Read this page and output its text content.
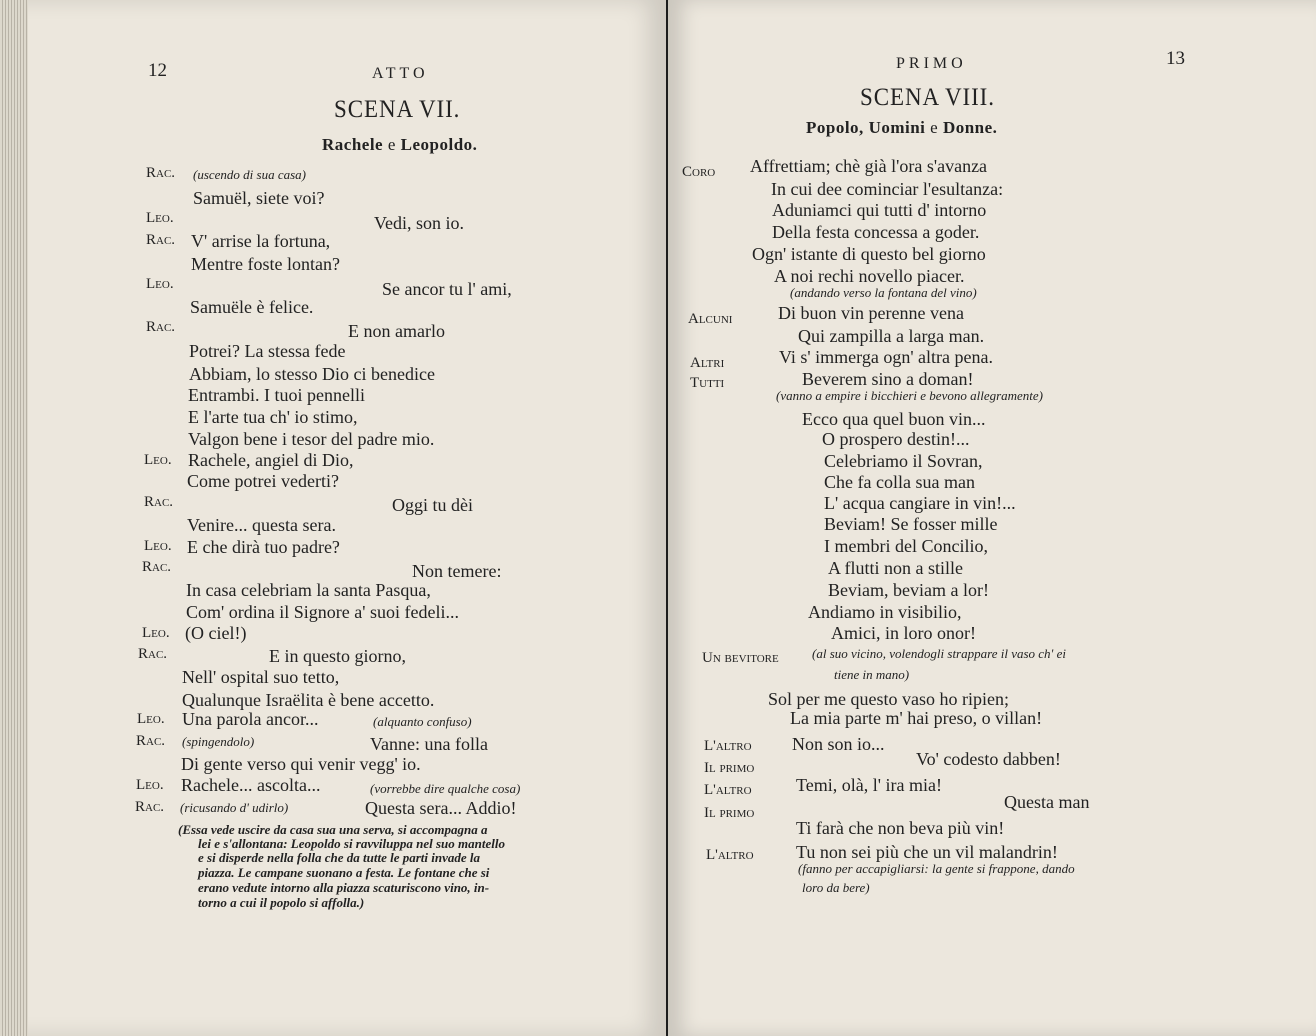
12	ATTO
SCENA VII.
Rachele e Leopoldo.
Rac. (uscendo di sua casa)
Samuël, siete voi?
Leo.	Vedi, son io.
Rac. V' arrise la fortuna,
Mentre foste lontan?
Leo.	Se ancor tu l' ami,
Samuële è felice.
Rac.	E non amarlo
Potrei? La stessa fede
Abbiam, lo stesso Dio ci benedice
Entrambi. I tuoi pennelli
E l'arte tua ch' io stimo,
Valgon bene i tesor del padre mio.
Leo. Rachele, angiel di Dio,
Come potrei vederti?
Rac.	Oggi tu dèi
Venire... questa sera.
Leo. E che dirà tuo padre?
Rac.	Non temere:
In casa celebriam la santa Pasqua,
Com' ordina il Signore a' suoi fedeli...
Leo. (O ciel!)
Rac.	E in questo giorno,
Nell' ospital suo tetto,
Qualunque Israëlita è bene accetto.
Leo. Una parola ancor...	(alquanto confuso)
Rac. (spingendolo)	Vanne: una folla
Di gente verso qui venir vegg' io.
Leo. Rachele... ascolta...	(vorrebbe dire qualche cosa)
Rac. (ricusando d' udirlo)	Questa sera... Addio!
(Essa vede uscire da casa sua una serva, si accompagna a
lei e s'allontana: Leopoldo si ravviluppa nel suo mantello
e si disperde nella folla che da tutte le parti invade la
piazza. Le campane suonano a festa. Le fontane che si
erano vedute intorno alla piazza scaturiscono vino, in-
torno a cui il popolo si affolla.)
13
PRIMO
SCENA VIII.
Popolo, Uomini e Donne.
Coro Affrettiam; chè già l'ora s'avanza
In cui dee cominciar l'esultanza:
Aduniamci qui tutti d' intorno
Della festa concessa a goder.
Ogn' istante di questo bel giorno
A noi rechi novello piacer.
(andando verso la fontana del vino)
Alcuni	Di buon vin perenne vena
Qui zampilla a larga man.
Altri	Vi s' immerga ogn' altra pena.
Tutti	Beverem sino a doman!
(vanno a empire i bicchieri e bevono allegramente)
Ecco qua quel buon vin...
O prospero destin!...
Celebriamo il Sovran,
Che fa colla sua man
L' acqua cangiare in vin!...
Beviam! Se fosser mille
I membri del Concilio,
A flutti non a stille
Beviam, beviam a lor!
Andiamo in visibilio,
Amici, in loro onor!
Un bevitore	(al suo vicino, volendogli strappare il vaso ch' ei
tiene in mano)
Sol per me questo vaso ho ripien;
La mia parte m' hai preso, o villan!
L'altro Non son io...
Il primo	Vo' codesto dabben!
L'altro Temi, olà, l' ira mia!
Il primo
Questa man
Ti farà che non beva più vin!
L'altro Tu non sei più che un vil malandrin!
(fanno per accapigliarsi: la gente si frappone, dando
loro da bere)
